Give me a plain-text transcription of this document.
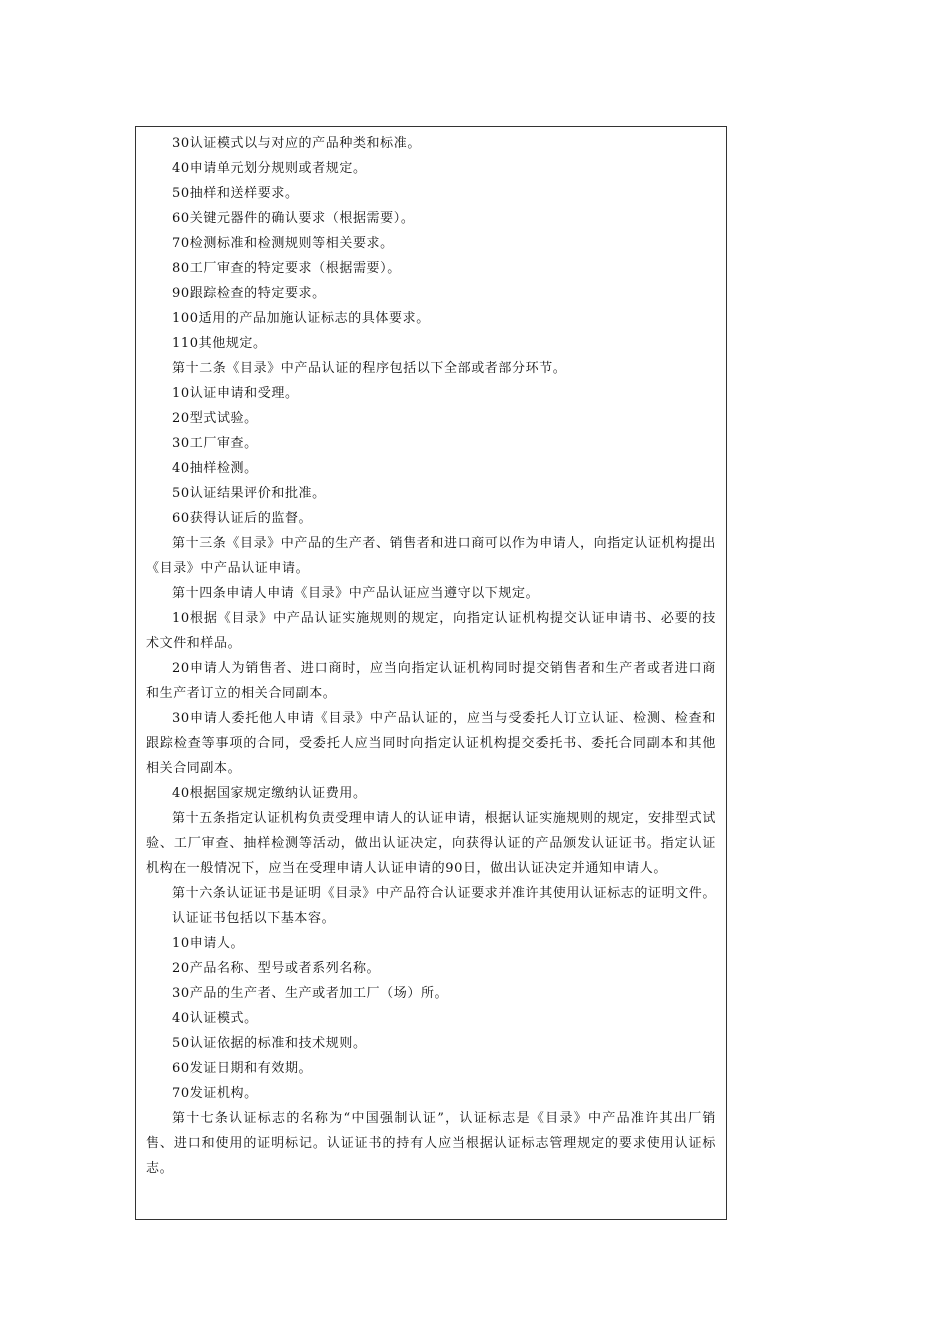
30认证模式以与对应的产品种类和标准。

40申请单元划分规则或者规定。

50抽样和送样要求。

60关键元器件的确认要求（根据需要）。

70检测标准和检测规则等相关要求。

80工厂审查的特定要求（根据需要）。

90跟踪检查的特定要求。

100适用的产品加施认证标志的具体要求。

110其他规定。

第十二条《目录》中产品认证的程序包括以下全部或者部分环节。

10认证申请和受理。

20型式试验。

30工厂审查。

40抽样检测。

50认证结果评价和批准。

60获得认证后的监督。

第十三条《目录》中产品的生产者、销售者和进口商可以作为申请人，向指定认证机构提出《目录》中产品认证申请。

第十四条申请人申请《目录》中产品认证应当遵守以下规定。

10根据《目录》中产品认证实施规则的规定，向指定认证机构提交认证申请书、必要的技术文件和样品。

20申请人为销售者、进口商时，应当向指定认证机构同时提交销售者和生产者或者进口商和生产者订立的相关合同副本。

30申请人委托他人申请《目录》中产品认证的，应当与受委托人订立认证、检测、检查和跟踪检查等事项的合同，受委托人应当同时向指定认证机构提交委托书、委托合同副本和其他相关合同副本。

40根据国家规定缴纳认证费用。

第十五条指定认证机构负责受理申请人的认证申请，根据认证实施规则的规定，安排型式试验、工厂审查、抽样检测等活动，做出认证决定，向获得认证的产品颁发认证证书。指定认证机构在一般情况下，应当在受理申请人认证申请的90日，做出认证决定并通知申请人。

第十六条认证证书是证明《目录》中产品符合认证要求并准许其使用认证标志的证明文件。

认证证书包括以下基本容。

10申请人。

20产品名称、型号或者系列名称。

30产品的生产者、生产或者加工厂（场）所。

40认证模式。

50认证依据的标准和技术规则。

60发证日期和有效期。

70发证机构。

第十七条认证标志的名称为“中国强制认证”，认证标志是《目录》中产品准许其出厂销售、进口和使用的证明标记。认证证书的持有人应当根据认证标志管理规定的要求使用认证标志。
